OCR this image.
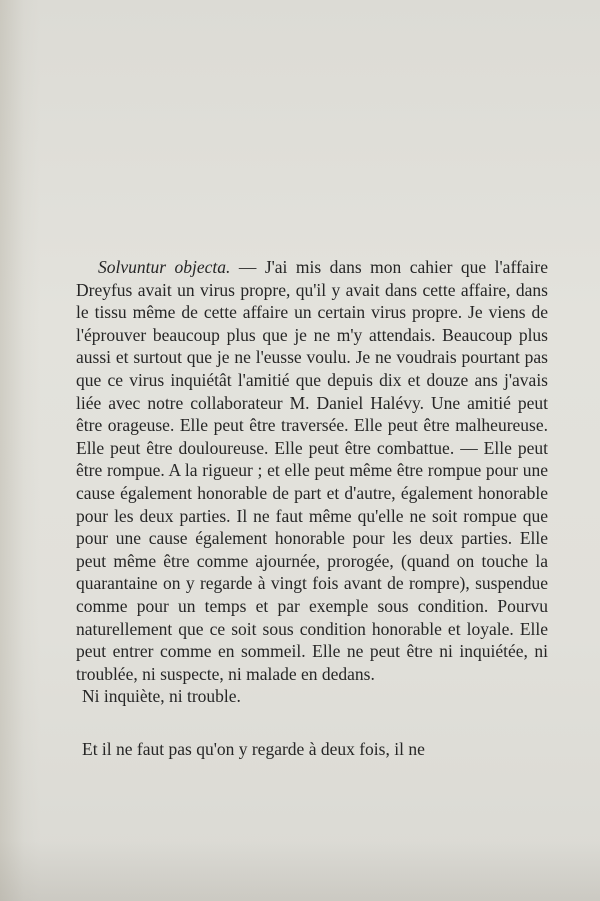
Solvuntur objecta. — J'ai mis dans mon cahier que l'affaire Dreyfus avait un virus propre, qu'il y avait dans cette affaire, dans le tissu même de cette affaire un certain virus propre. Je viens de l'éprouver beaucoup plus que je ne m'y attendais. Beaucoup plus aussi et surtout que je ne l'eusse voulu. Je ne voudrais pourtant pas que ce virus inquiétât l'amitié que depuis dix et douze ans j'avais liée avec notre collaborateur M. Daniel Halévy. Une amitié peut être orageuse. Elle peut être traversée. Elle peut être malheureuse. Elle peut être douloureuse. Elle peut être combattue. — Elle peut être rompue. A la rigueur ; et elle peut même être rompue pour une cause également honorable de part et d'autre, également honorable pour les deux parties. Il ne faut même qu'elle ne soit rompue que pour une cause également honorable pour les deux parties. Elle peut même être comme ajournée, prorogée, (quand on touche la quarantaine on y regarde à vingt fois avant de rompre), suspendue comme pour un temps et par exemple sous condition. Pourvu naturellement que ce soit sous condition honorable et loyale. Elle peut entrer comme en sommeil. Elle ne peut être ni inquiétée, ni troublée, ni suspecte, ni malade en dedans.

Ni inquiète, ni trouble.

Et il ne faut pas qu'on y regarde à deux fois, il ne
